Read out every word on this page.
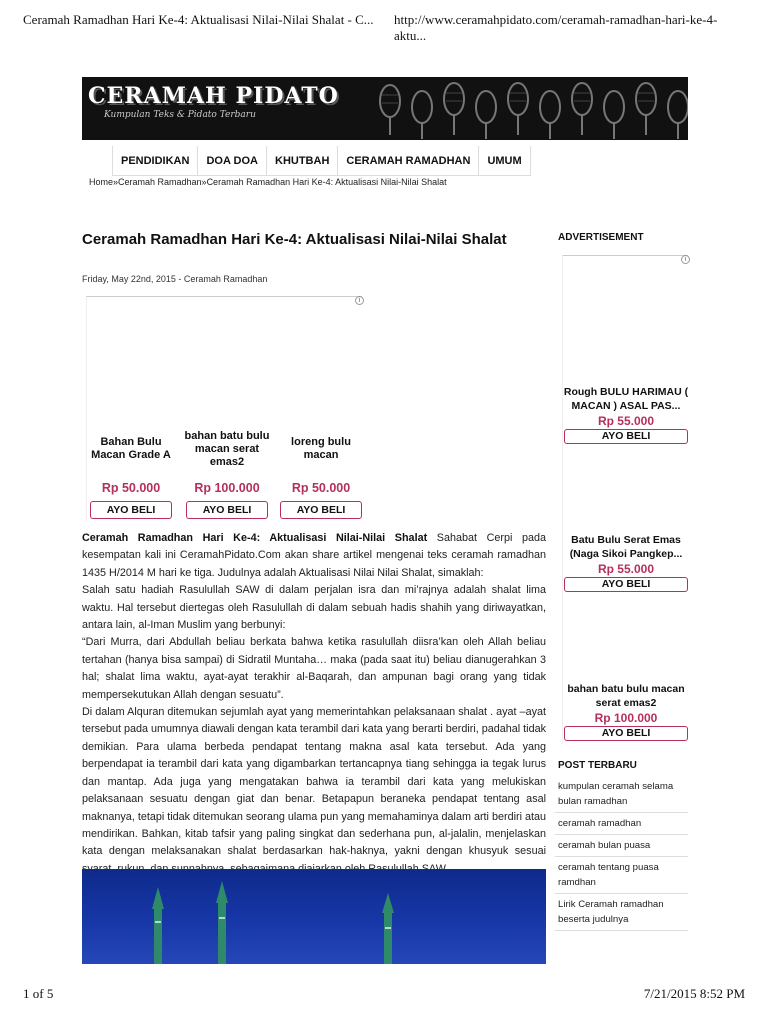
Ceramah Ramadhan Hari Ke-4: Aktualisasi Nilai-Nilai Shalat - C... http://www.ceramahpidato.com/ceramah-ramadhan-hari-ke-4-aktu...
CERAMAH PIDATO
Kumpulan Teks & Pidato Terbaru
PENDIDIKAN	DOA DOA	KHUTBAH	CERAMAH RAMADHAN	UMUM
Home»Ceramah Ramadhan»Ceramah Ramadhan Hari Ke-4: Aktualisasi Nilai-Nilai Shalat
Ceramah Ramadhan Hari Ke-4: Aktualisasi Nilai-Nilai Shalat
Friday, May 22nd, 2015 - Ceramah Ramadhan
i
Bahan Bulu Macan Grade A
Rp 50.000
AYO BELI
bahan batu bulu macan serat emas2
Rp 100.000
AYO BELI
loreng bulu macan
Rp 50.000
AYO BELI

Ceramah Ramadhan Hari Ke-4: Aktualisasi Nilai-Nilai Shalat Sahabat Cerpi pada kesempatan kali ini CeramahPidato.Com akan share artikel mengenai teks ceramah ramadhan 1435 H/2014 M hari ke tiga. Judulnya adalah Aktualisasi Nilai Nilai Shalat, simaklah:

Salah satu hadiah Rasulullah SAW di dalam perjalan isra dan mi’rajnya adalah shalat lima waktu. Hal tersebut diertegas oleh Rasulullah di dalam sebuah hadis shahih yang diriwayatkan, antara lain, al-Iman Muslim yang berbunyi:

“Dari Murra, dari Abdullah beliau berkata bahwa ketika rasulullah diisra’kan oleh Allah beliau tertahan (hanya bisa sampai) di Sidratil Muntaha… maka (pada saat itu) beliau dianugerahkan 3 hal; shalat lima waktu, ayat-ayat terakhir al-Baqarah, dan ampunan bagi orang yang tidak mempersekutukan Allah dengan sesuatu”.

Di dalam Alquran ditemukan sejumlah ayat yang memerintahkan pelaksanaan shalat . ayat –ayat tersebut pada umumnya diawali dengan kata terambil dari kata yang berarti berdiri, padahal tidak demikian. Para ulama berbeda pendapat tentang makna asal kata tersebut. Ada yang berpendapat ia terambil dari kata yang digambarkan tertancapnya tiang sehingga ia tegak lurus dan mantap. Ada juga yang mengatakan bahwa ia terambil dari kata yang melukiskan pelaksanaan sesuatu dengan giat dan benar. Betapapun beraneka pendapat tentang asal maknanya, tetapi tidak ditemukan seorang ulama pun yang memahaminya dalam arti berdiri atau mendirikan. Bahkan, kitab tafsir yang paling singkat dan sederhana pun, al-jalalin, menjelaskan kata dengan melaksanakan shalat berdasarkan hak-haknya, yakni dengan khusyuk sesuai

ADVERTISEMENT
i
Rough BULU HARIMAU ( MACAN ) ASAL PAS...
Rp 55.000
AYO BELI
Batu Bulu Serat Emas (Naga Sikoi Pangkep...
Rp 55.000
AYO BELI
bahan batu bulu macan serat emas2
Rp 100.000
AYO BELI
POST TERBARU
kumpulan ceramah selama bulan ramadhan
ceramah ramadhan
ceramah bulan puasa
ceramah tentang puasa ramdhan
Lirik Ceramah ramadhan beserta judulnya
1 of 5	7/21/2015 8:52 PM
